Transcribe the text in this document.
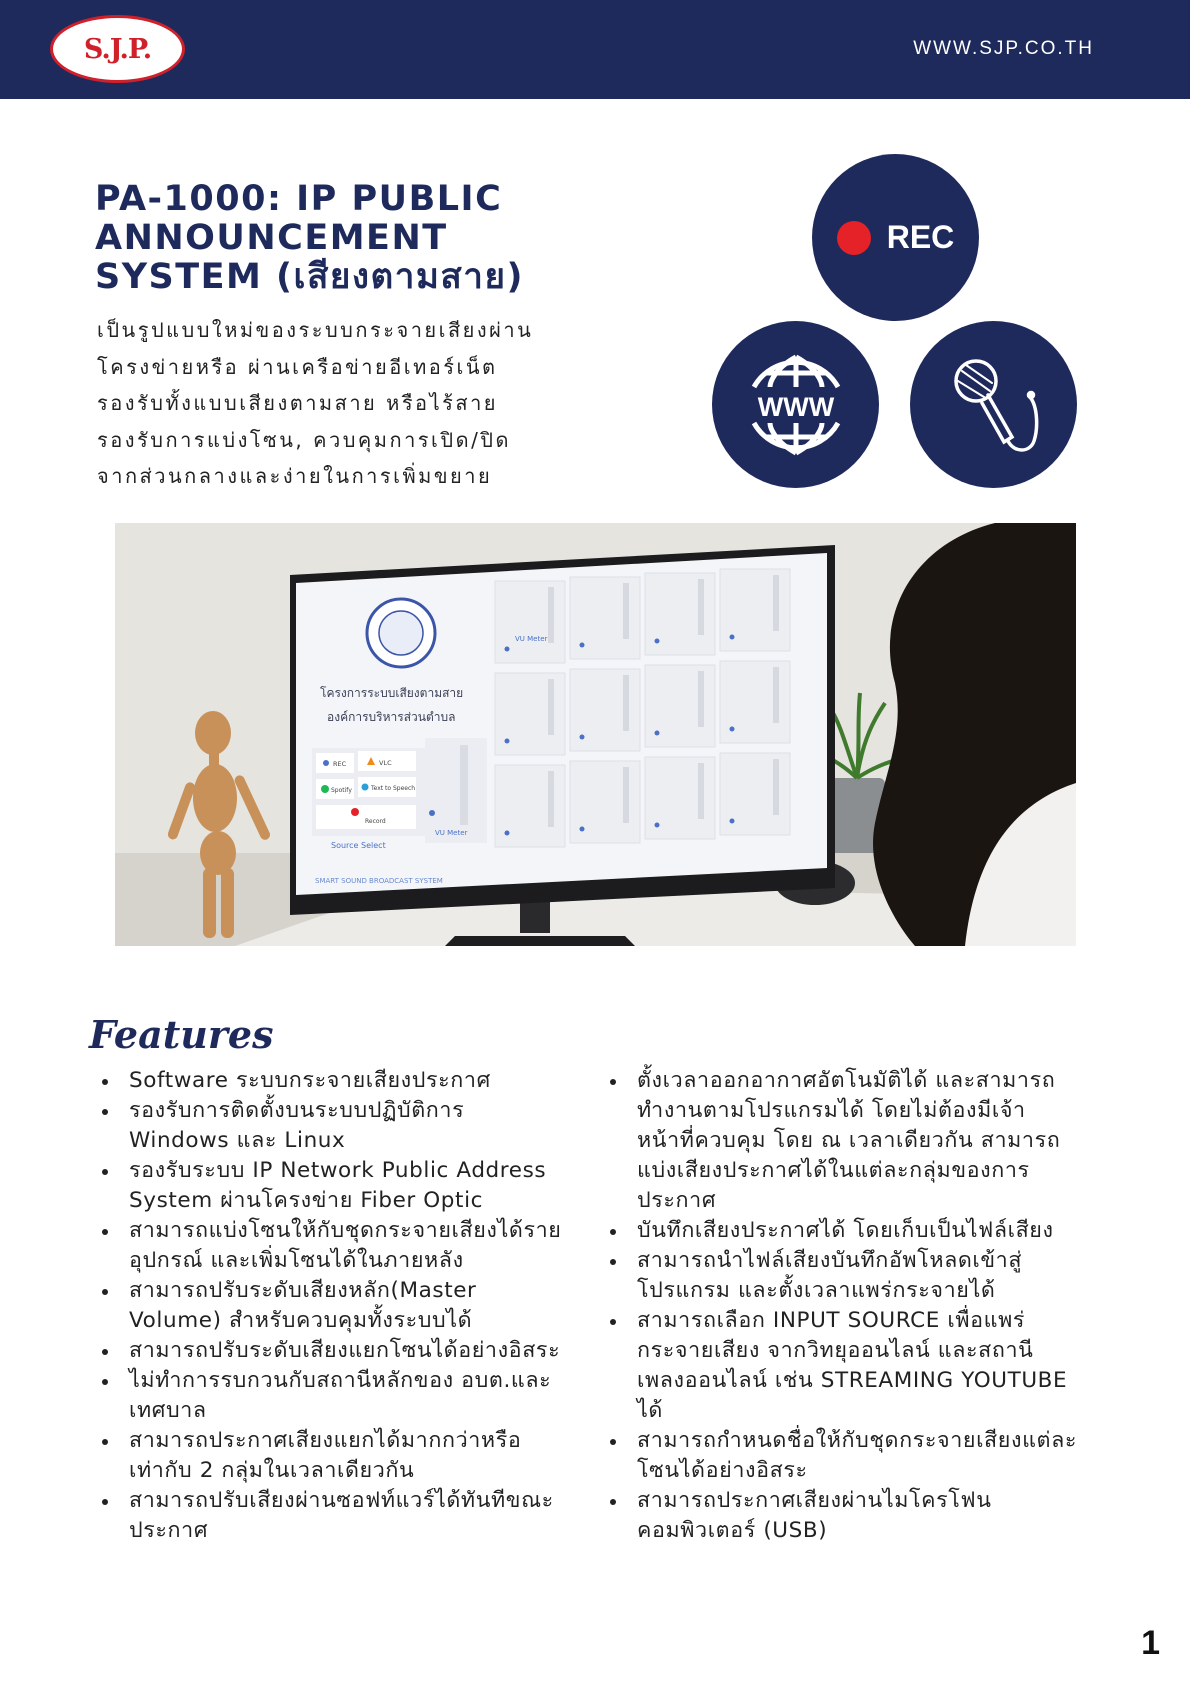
S.J.P.	WWW.SJP.CO.TH
PA-1000: IP PUBLIC
ANNOUNCEMENT
SYSTEM (เสียงตามสาย)
เป็นรูปแบบใหม่ของระบบกระจายเสียงผ่าน
โครงข่ายหรือ ผ่านเครือข่ายอีเทอร์เน็ต
รองรับทั้งแบบเสียงตามสาย หรือไร้สาย
รองรับการแบ่งโซน, ควบคุมการเปิด/ปิด
จากส่วนกลางและง่ายในการเพิ่มขยาย
REC
WWW
โครงการระบบเสียงตามสาย
องค์การบริหารส่วนตำบล
REC	VLC
Spotify	Text to Speech
Record
Source Select
VU Meter
VU Meter
SMART SOUND BROADCAST SYSTEM
Features
Software ระบบกระจายเสียงประกาศ
รองรับการติดตั้งบนระบบปฏิบัติการ Windows และ Linux
รองรับระบบ IP Network Public Address System ผ่านโครงข่าย Fiber Optic
สามารถแบ่งโซนให้กับชุดกระจายเสียงได้รายอุปกรณ์ และเพิ่มโซนได้ในภายหลัง
สามารถปรับระดับเสียงหลัก(Master Volume) สำหรับควบคุมทั้งระบบได้
สามารถปรับระดับเสียงแยกโซนได้อย่างอิสระ
ไม่ทำการรบกวนกับสถานีหลักของ อบต.และเทศบาล
สามารถประกาศเสียงแยกได้มากกว่าหรือเท่ากับ 2 กลุ่มในเวลาเดียวกัน
สามารถปรับเสียงผ่านซอฟท์แวร์ได้ทันทีขณะประกาศ
ตั้งเวลาออกอากาศอัตโนมัติได้ และสามารถทำงานตามโปรแกรมได้ โดยไม่ต้องมีเจ้าหน้าที่ควบคุม โดย ณ เวลาเดียวกัน สามารถแบ่งเสียงประกาศได้ในแต่ละกลุ่มของการประกาศ
บันทึกเสียงประกาศได้ โดยเก็บเป็นไฟล์เสียง
สามารถนำไฟล์เสียงบันทึกอัพโหลดเข้าสู่โปรแกรม และตั้งเวลาแพร่กระจายได้
สามารถเลือก INPUT SOURCE เพื่อแพร่กระจายเสียง จากวิทยุออนไลน์ และสถานีเพลงออนไลน์ เช่น STREAMING YOUTUBE ได้
สามารถกำหนดชื่อให้กับชุดกระจายเสียงแต่ละโซนได้อย่างอิสระ
สามารถประกาศเสียงผ่านไมโครโฟนคอมพิวเตอร์ (USB)
1
